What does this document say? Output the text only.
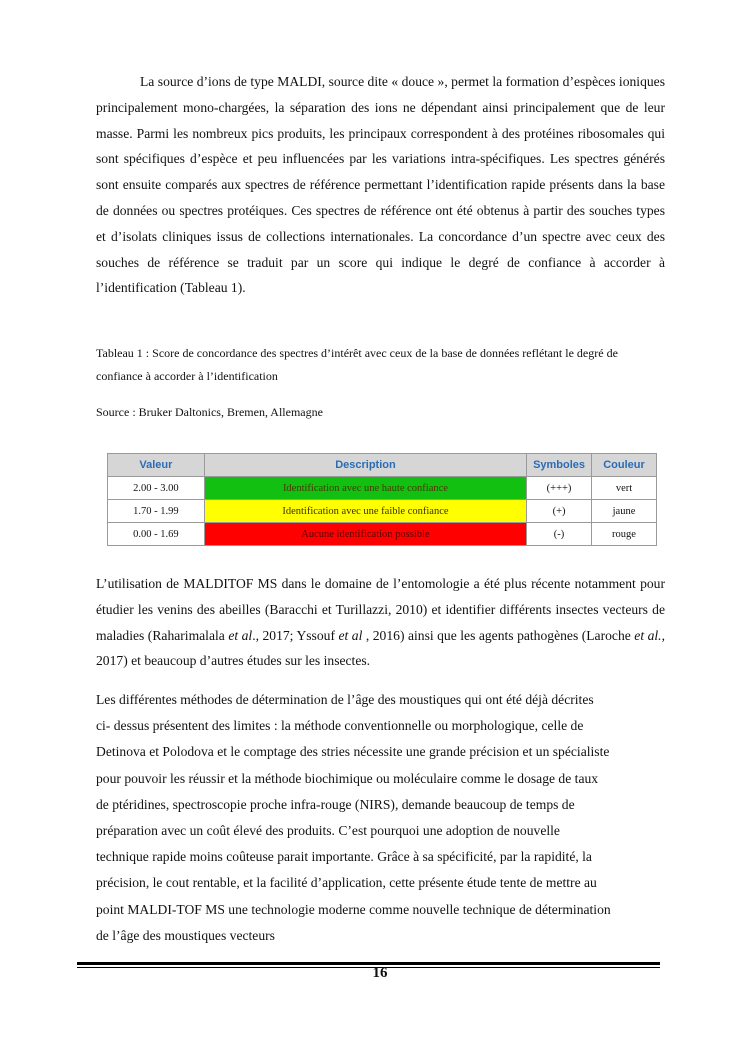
La source d’ions de type MALDI, source dite « douce », permet la formation d’espèces ioniques principalement mono-chargées, la séparation des ions ne dépendant ainsi principalement que de leur masse. Parmi les nombreux pics produits, les principaux correspondent à des protéines ribosomales qui sont spécifiques d’espèce et peu influencées par les variations intra-spécifiques. Les spectres générés sont ensuite comparés aux spectres de référence permettant l’identification rapide présents dans la base de données ou spectres protéiques. Ces spectres de référence ont été obtenus à partir des souches types et d’isolats cliniques issus de collections internationales. La concordance d’un spectre avec ceux des souches de référence se traduit par un score qui indique le degré de confiance à accorder à l’identification (Tableau 1).

Tableau 1 : Score de concordance des spectres d’intérêt avec ceux de la base de données reflétant le degré de confiance à accorder à l’identification

Source : Bruker Daltonics, Bremen, Allemagne

Valeur	Description	Symboles	Couleur
2.00 - 3.00	Identification avec une haute confiance	(+++)	vert
1.70 - 1.99	Identification avec une faible confiance	(+)	jaune
0.00 - 1.69	Aucune identification possible	(-)	rouge

L’utilisation de MALDITOF MS dans le domaine de l’entomologie a été plus récente notamment pour étudier les venins des abeilles (Baracchi et Turillazzi, 2010) et identifier différents insectes vecteurs de maladies (Raharimalala et al., 2017; Yssouf et al , 2016) ainsi que les agents pathogènes (Laroche et al., 2017) et beaucoup d’autres études sur les insectes.

Les différentes méthodes de détermination de l’âge des moustiques qui ont été déjà décrites
ci- dessus présentent des limites : la méthode conventionnelle ou morphologique, celle de
Detinova et Polodova et le comptage des stries nécessite une grande précision et un spécialiste
pour pouvoir les réussir et la méthode biochimique ou moléculaire comme le dosage de taux
de ptéridines, spectroscopie proche infra-rouge (NIRS), demande beaucoup de temps de
préparation avec un coût élevé des produits. C’est pourquoi une adoption de nouvelle
technique rapide moins coûteuse parait importante. Grâce à sa spécificité, par la rapidité, la
précision, le cout rentable, et la facilité d’application, cette présente étude tente de mettre au
point MALDI-TOF MS une technologie moderne comme nouvelle technique de détermination
de l’âge des moustiques vecteurs

16
